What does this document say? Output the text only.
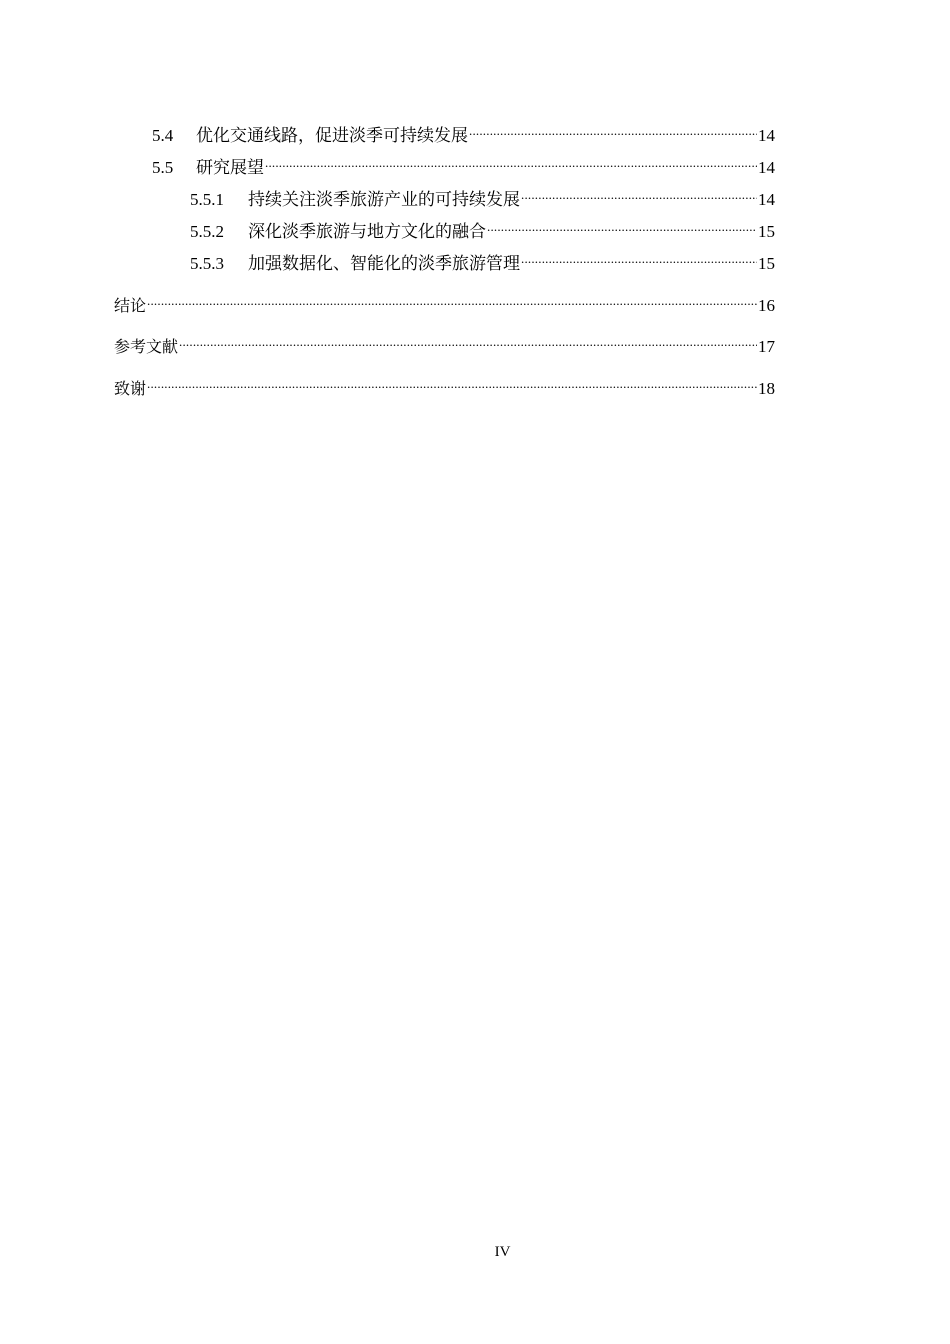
5.4	优化交通线路，促进淡季可持续发展 .....	14
5.5	研究展望 .....	14
5.5.1	持续关注淡季旅游产业的可持续发展 .....	14
5.5.2	深化淡季旅游与地方文化的融合 .....	15
5.5.3	加强数据化、智能化的淡季旅游管理 .....	15
结论 .....	16
参考文献 .....	17
致谢 .....	18
IV
